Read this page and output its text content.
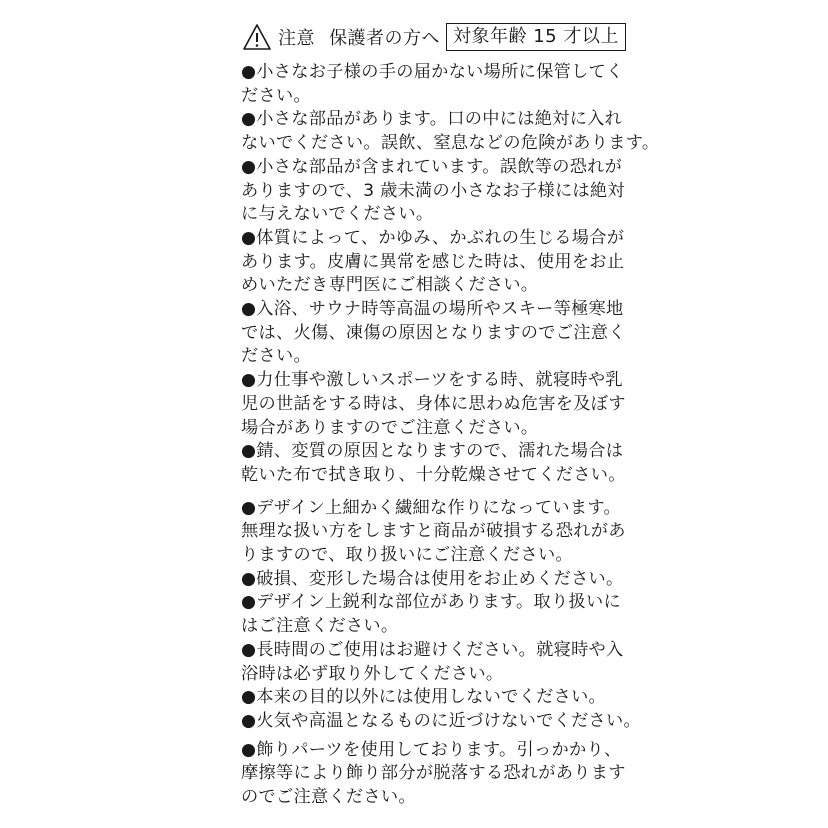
注意 保護者の方へ 対象年齢 15 才以上

●小さなお子様の手の届かない場所に保管してく
ださい。

●小さな部品があります。口の中には絶対に入れ
ないでください。誤飲、窒息などの危険があります。

●小さな部品が含まれています。誤飲等の恐れが
ありますので、3 歳未満の小さなお子様には絶対
に与えないでください。

●体質によって、かゆみ、かぶれの生じる場合が
あります。皮膚に異常を感じた時は、使用をお止
めいただき専門医にご相談ください。

●入浴、サウナ時等高温の場所やスキー等極寒地
では、火傷、凍傷の原因となりますのでご注意く
ださい。

●力仕事や激しいスポーツをする時、就寝時や乳
児の世話をする時は、身体に思わぬ危害を及ぼす
場合がありますのでご注意ください。

●錆、変質の原因となりますので、濡れた場合は
乾いた布で拭き取り、十分乾燥させてください。

●デザイン上細かく繊細な作りになっています。
無理な扱い方をしますと商品が破損する恐れがあ
りますので、取り扱いにご注意ください。

●破損、変形した場合は使用をお止めください。

●デザイン上鋭利な部位があります。取り扱いに
はご注意ください。

●長時間のご使用はお避けください。就寝時や入
浴時は必ず取り外してください。

●本来の目的以外には使用しないでください。

●火気や高温となるものに近づけないでください。

●飾りパーツを使用しております。引っかかり、
摩擦等により飾り部分が脱落する恐れがあります
のでご注意ください。
